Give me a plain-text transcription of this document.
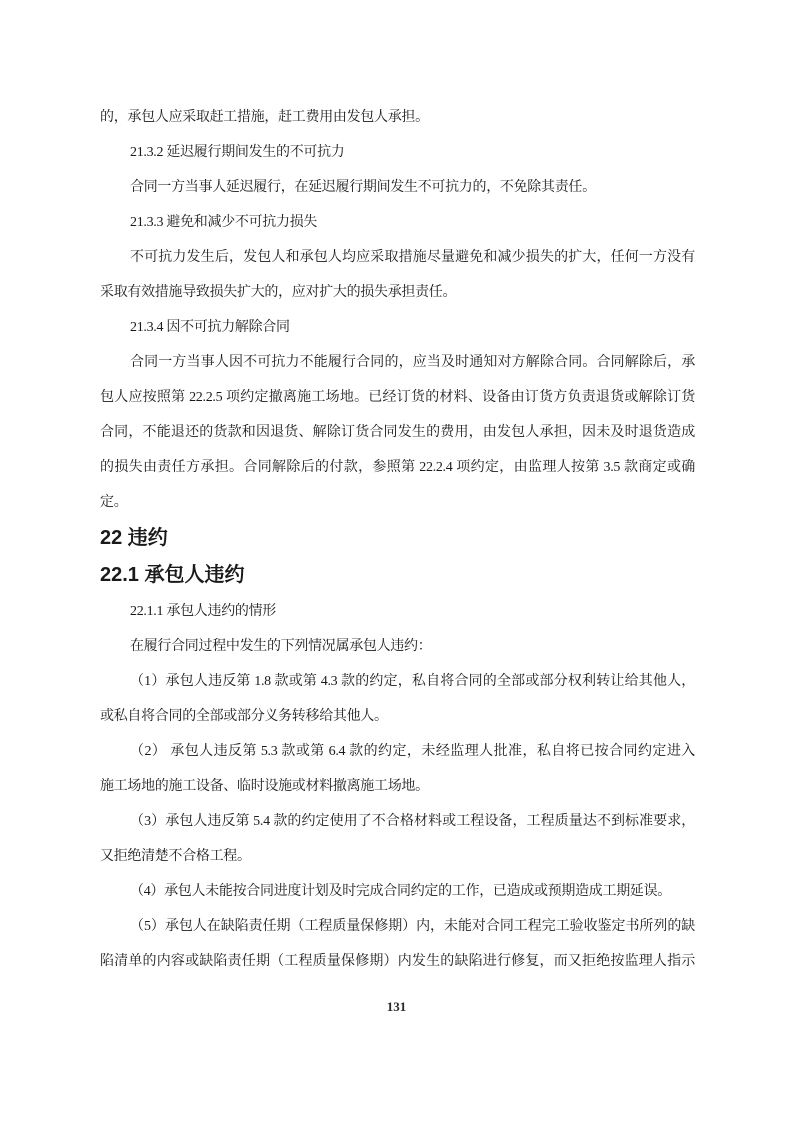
的，承包人应采取赶工措施，赶工费用由发包人承担。
21.3.2 延迟履行期间发生的不可抗力
合同一方当事人延迟履行，在延迟履行期间发生不可抗力的，不免除其责任。
21.3.3 避免和减少不可抗力损失
不可抗力发生后，发包人和承包人均应采取措施尽量避免和减少损失的扩大，任何一方没有
采取有效措施导致损失扩大的，应对扩大的损失承担责任。
21.3.4 因不可抗力解除合同
合同一方当事人因不可抗力不能履行合同的，应当及时通知对方解除合同。合同解除后，承
包人应按照第 22.2.5 项约定撤离施工场地。已经订货的材料、设备由订货方负责退货或解除订货
合同，不能退还的货款和因退货、解除订货合同发生的费用，由发包人承担，因未及时退货造成
的损失由责任方承担。合同解除后的付款，参照第 22.2.4 项约定，由监理人按第 3.5 款商定或确
定。
22 违约
22.1 承包人违约
22.1.1 承包人违约的情形
在履行合同过程中发生的下列情况属承包人违约：
（1）承包人违反第 1.8 款或第 4.3 款的约定，私自将合同的全部或部分权利转让给其他人，
或私自将合同的全部或部分义务转移给其他人。
（2） 承包人违反第 5.3 款或第 6.4 款的约定，未经监理人批准，私自将已按合同约定进入
施工场地的施工设备、临时设施或材料撤离施工场地。
（3）承包人违反第 5.4 款的约定使用了不合格材料或工程设备，工程质量达不到标准要求，
又拒绝清楚不合格工程。
（4）承包人未能按合同进度计划及时完成合同约定的工作，已造成或预期造成工期延误。
（5）承包人在缺陷责任期（工程质量保修期）内，未能对合同工程完工验收鉴定书所列的缺
陷清单的内容或缺陷责任期（工程质量保修期）内发生的缺陷进行修复，而又拒绝按监理人指示
131
